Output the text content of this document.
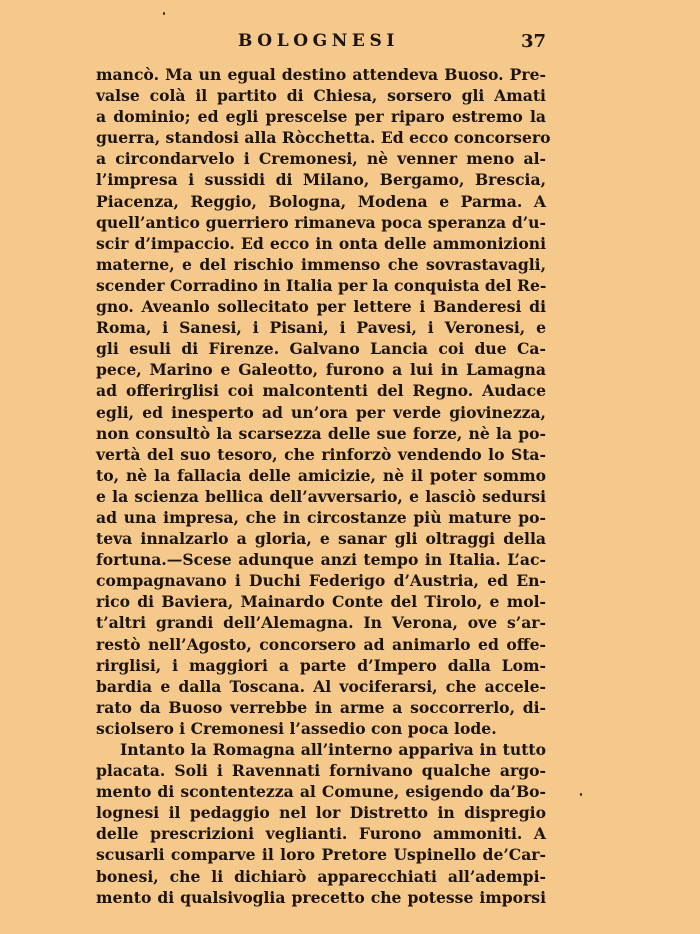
BOLOGNESI	37
mancò. Ma un egual destino attendeva Buoso. Pre-
valse colà il partito di Chiesa, sorsero gli Amati
a dominio; ed egli prescelse per riparo estremo la
guerra, standosi alla Ròcchetta. Ed ecco concorsero
a circondarvelo i Cremonesi, nè venner meno al-
l’impresa i sussidi di Milano, Bergamo, Brescia,
Piacenza, Reggio, Bologna, Modena e Parma. A
quell’antico guerriero rimaneva poca speranza d’u-
scir d’impaccio. Ed ecco in onta delle ammonizioni
materne, e del rischio immenso che sovrastavagli,
scender Corradino in Italia per la conquista del Re-
gno. Aveanlo sollecitato per lettere i Banderesi di
Roma, i Sanesi, i Pisani, i Pavesi, i Veronesi, e
gli esuli di Firenze. Galvano Lancia coi due Ca-
pece, Marino e Galeotto, furono a lui in Lamagna
ad offerirglisi coi malcontenti del Regno. Audace
egli, ed inesperto ad un’ora per verde giovinezza,
non consultò la scarsezza delle sue forze, nè la po-
vertà del suo tesoro, che rinforzò vendendo lo Sta-
to, nè la fallacia delle amicizie, nè il poter sommo
e la scienza bellica dell’avversario, e lasciò sedursi
ad una impresa, che in circostanze più mature po-
teva innalzarlo a gloria, e sanar gli oltraggi della
fortuna.—Scese adunque anzi tempo in Italia. L’ac-
compagnavano i Duchi Federigo d’Austria, ed En-
rico di Baviera, Mainardo Conte del Tirolo, e mol-
t’altri grandi dell’Alemagna. In Verona, ove s’ar-
restò nell’Agosto, concorsero ad animarlo ed offe-
rirglisi, i maggiori a parte d’Impero dalla Lom-
bardia e dalla Toscana. Al vociferarsi, che accele-
rato da Buoso verrebbe in arme a soccorrerlo, di-
sciolsero i Cremonesi l’assedio con poca lode.
Intanto la Romagna all’interno appariva in tutto
placata. Soli i Ravennati fornivano qualche argo-
mento di scontentezza al Comune, esigendo da’Bo-
lognesi il pedaggio nel lor Distretto in dispregio
delle prescrizioni veglianti. Furono ammoniti. A
scusarli comparve il loro Pretore Uspinello de’Car-
bonesi, che li dichiarò apparecchiati all’adempi-
mento di qualsivoglia precetto che potesse imporsi
